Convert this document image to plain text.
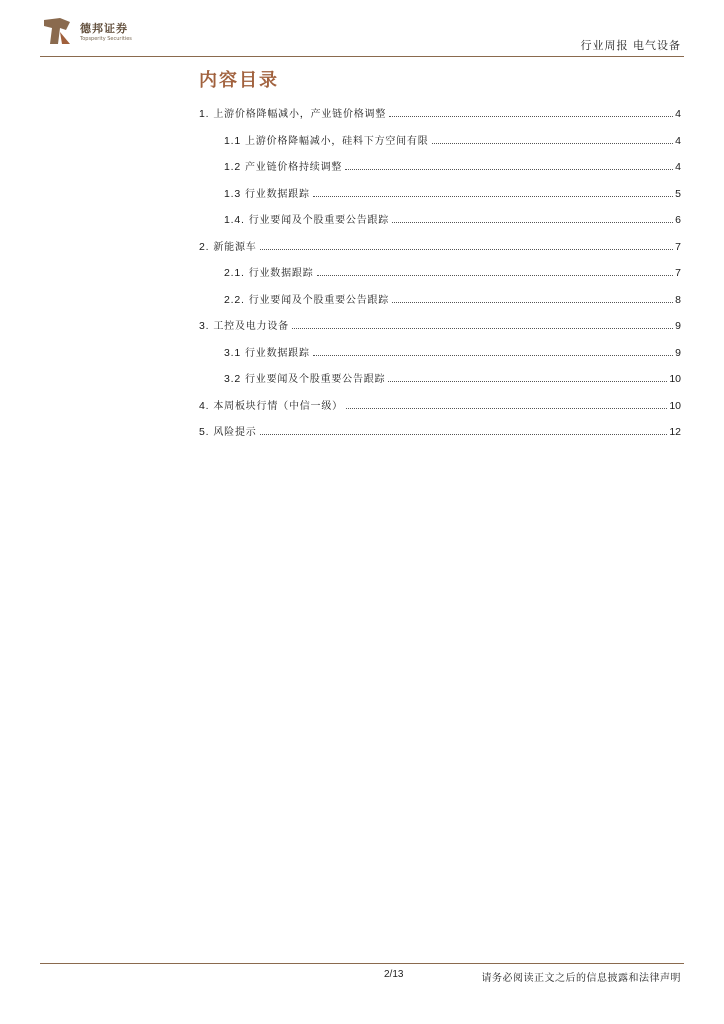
德邦证券
Topsperity Securities
行业周报 电气设备
内容目录
1. 上游价格降幅减小，产业链价格调整	4
1.1 上游价格降幅减小，硅料下方空间有限	4
1.2 产业链价格持续调整	4
1.3 行业数据跟踪	5
1.4. 行业要闻及个股重要公告跟踪	6
2. 新能源车	7
2.1. 行业数据跟踪	7
2.2. 行业要闻及个股重要公告跟踪	8
3. 工控及电力设备	9
3.1 行业数据跟踪	9
3.2 行业要闻及个股重要公告跟踪	10
4. 本周板块行情（中信一级）	10
5. 风险提示	12
2/13	请务必阅读正文之后的信息披露和法律声明
